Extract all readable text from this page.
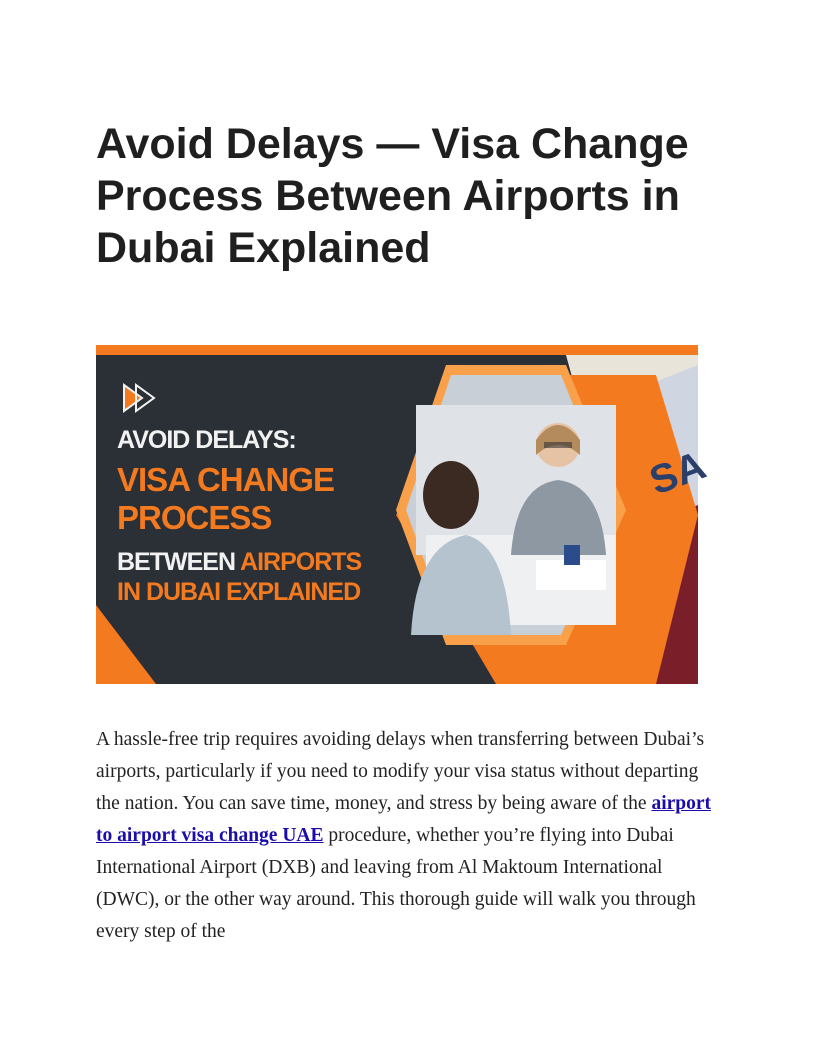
Avoid Delays — Visa Change Process Between Airports in Dubai Explained
SA
AVOID DELAYS:
VISA CHANGE
PROCESS
BETWEEN AIRPORTS
IN DUBAI EXPLAINED

A hassle-free trip requires avoiding delays when transferring between Dubai’s airports, particularly if you need to modify your visa status without departing the nation. You can save time, money, and stress by being aware of the airport to airport visa change UAE procedure, whether you’re flying into Dubai International Airport (DXB) and leaving from Al Maktoum International (DWC), or the other way around. This thorough guide will walk you through every step of the
